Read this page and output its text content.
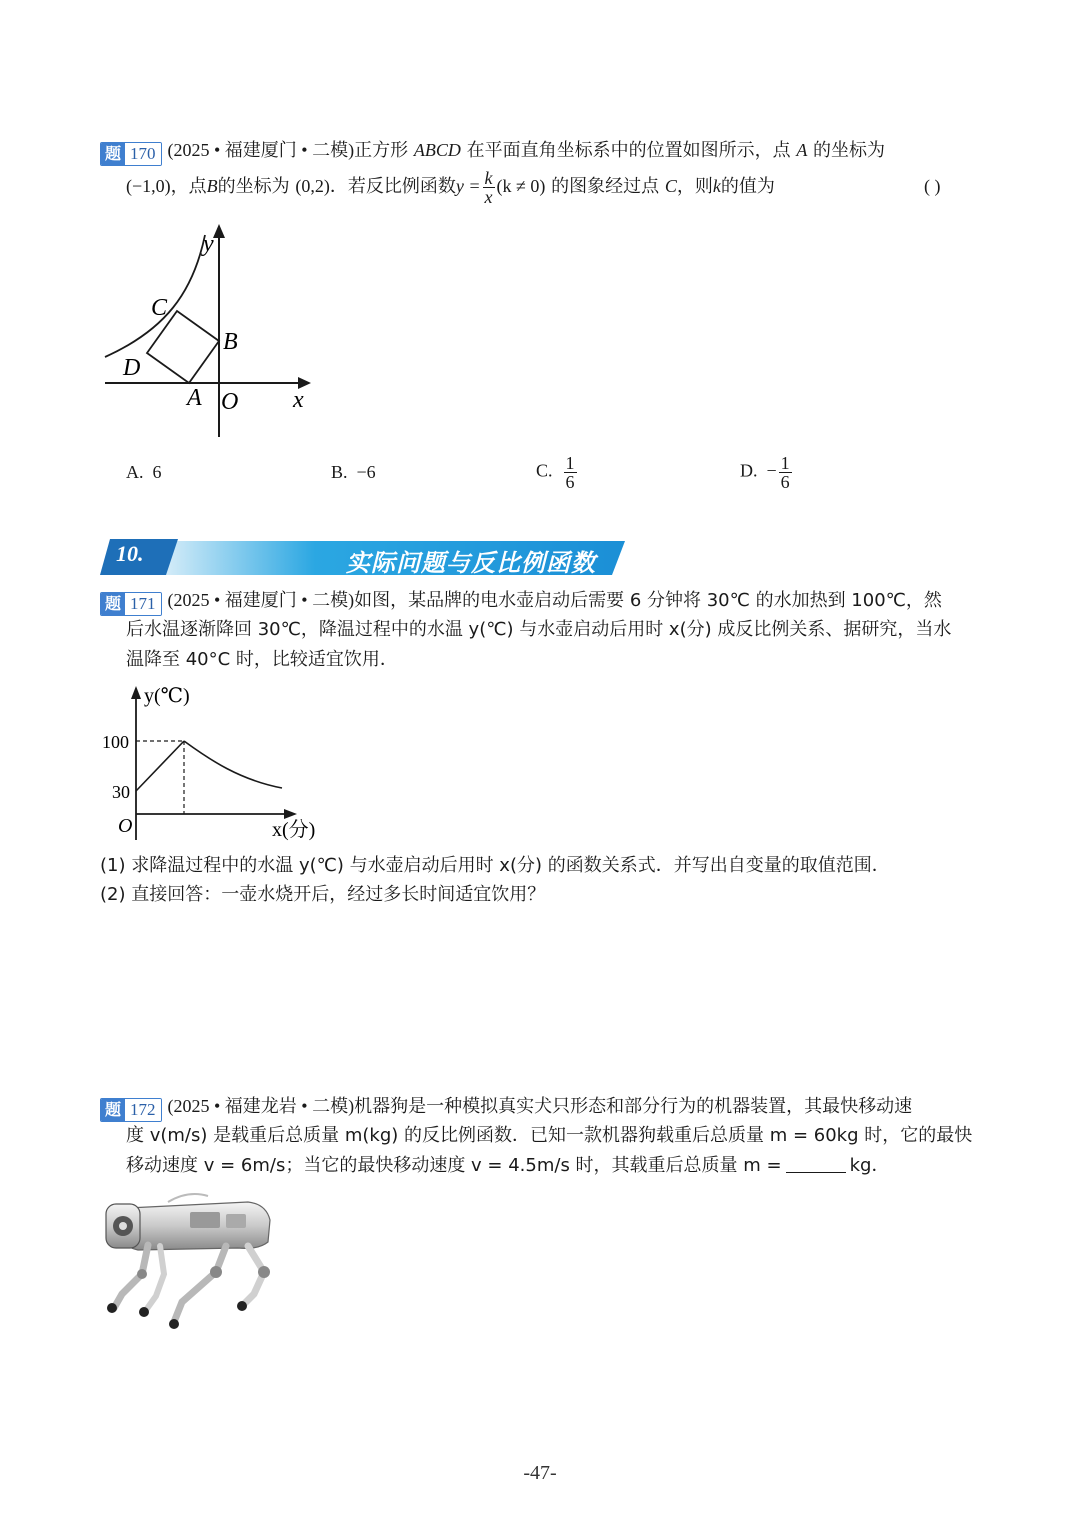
题 170 (2025 • 福建厦门 • 二模)正方形 ABCD 在平面直角坐标系中的位置如图所示，点 A 的坐标为
(−1,0)，点B的坐标为 (0,2)．若反比例函数$y = \frac{k}{x} (k \ne 0)$ 的图象经过点 C，则k的值为	( )
y
x
O
A
B
C
D
A. 6	B. −6	C. $\frac{1}{6}$	D. − $\frac{1}{6}$
10.	实际问题与反比例函数
题 171 (2025 • 福建厦门 • 二模)如图，某品牌的电水壶启动后需要 6 分钟将 30℃ 的水加热到 100℃，然
后水温逐渐降回 30℃，降温过程中的水温 y(℃) 与水壶启动后用时 x(分) 成反比例关系、据研究，当水
温降至 40°C 时，比较适宜饮用．
y(℃)
x(分)
O
100
30
(1) 求降温过程中的水温 y(℃) 与水壶启动后用时 x(分) 的函数关系式．并写出自变量的取值范围．
(2) 直接回答：一壶水烧开后，经过多长时间适宜饮用？
题 172 (2025 • 福建龙岩 • 二模)机器狗是一种模拟真实犬只形态和部分行为的机器装置，其最快移动速
度 v(m/s) 是载重后总质量 m(kg) 的反比例函数．已知一款机器狗载重后总质量 m = 60kg 时，它的最快
移动速度 v = 6m/s；当它的最快移动速度 v = 4.5m/s 时，其载重后总质量 m =	kg．
-47-
